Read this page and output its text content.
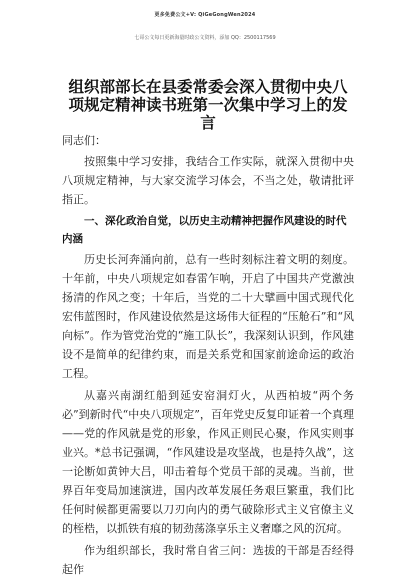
更多免费公文+V: QiGeGongWen2024
七哥公文每日更新海量时政公文资料，添加 QQ：2500117569
组织部部长在县委常委会深入贯彻中央八项规定精神读书班第一次集中学习上的发言

同志们：

按照集中学习安排，我结合工作实际，就深入贯彻中央八项规定精神，与大家交流学习体会，不当之处，敬请批评指正。

一、深化政治自觉，以历史主动精神把握作风建设的时代内涵

历史长河奔涌向前，总有一些时刻标注着文明的刻度。十年前，中央八项规定如春雷乍响，开启了中国共产党激浊扬清的作风之变；十年后，当党的二十大擘画中国式现代化宏伟蓝图时，作风建设依然是这场伟大征程的“压舱石”和“风向标”。作为管党治党的“施工队长”，我深刻认识到，作风建设不是简单的纪律约束，而是关系党和国家前途命运的政治工程。

从嘉兴南湖红船到延安窑洞灯火，从西柏坡“两个务必”到新时代“中央八项规定”，百年党史反复印证着一个真理——党的作风就是党的形象，作风正则民心聚，作风实则事业兴。*总书记强调，“作风建设是攻坚战，也是持久战”，这一论断如黄钟大吕，叩击着每个党员干部的灵魂。当前，世界百年变局加速演进，国内改革发展任务艰巨繁重，我们比任何时候都更需要以刀刃向内的勇气破除形式主义官僚主义的桎梏，以抓铁有痕的韧劲荡涤享乐主义奢靡之风的沉疴。

作为组织部长，我时常自省三问：选拔的干部是否经得起作
